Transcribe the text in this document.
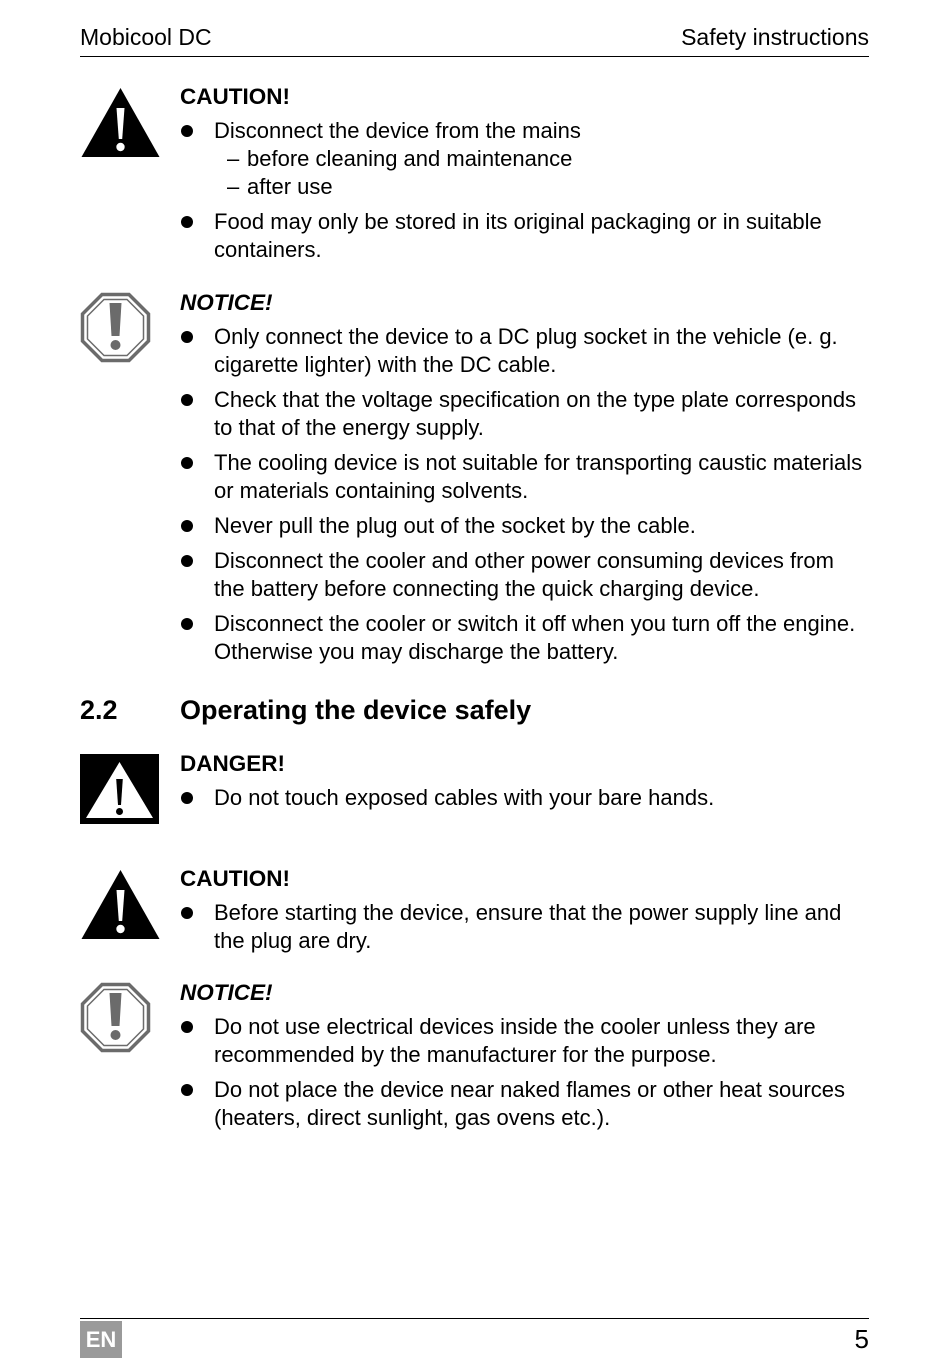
Mobicool DC	Safety instructions
CAUTION!
Disconnect the device from the mains
– before cleaning and maintenance
– after use
Food may only be stored in its original packaging or in suitable containers.
NOTICE!
Only connect the device to a DC plug socket in the vehicle (e. g. cigarette lighter) with the DC cable.
Check that the voltage specification on the type plate corresponds to that of the energy supply.
The cooling device is not suitable for transporting caustic materials or materials containing solvents.
Never pull the plug out of the socket by the cable.
Disconnect the cooler and other power consuming devices from the battery before connecting the quick charging device.
Disconnect the cooler or switch it off when you turn off the engine. Otherwise you may discharge the battery.
2.2 Operating the device safely
DANGER!
Do not touch exposed cables with your bare hands.
CAUTION!
Before starting the device, ensure that the power supply line and the plug are dry.
NOTICE!
Do not use electrical devices inside the cooler unless they are recommended by the manufacturer for the purpose.
Do not place the device near naked flames or other heat sources (heaters, direct sunlight, gas ovens etc.).
EN	5
